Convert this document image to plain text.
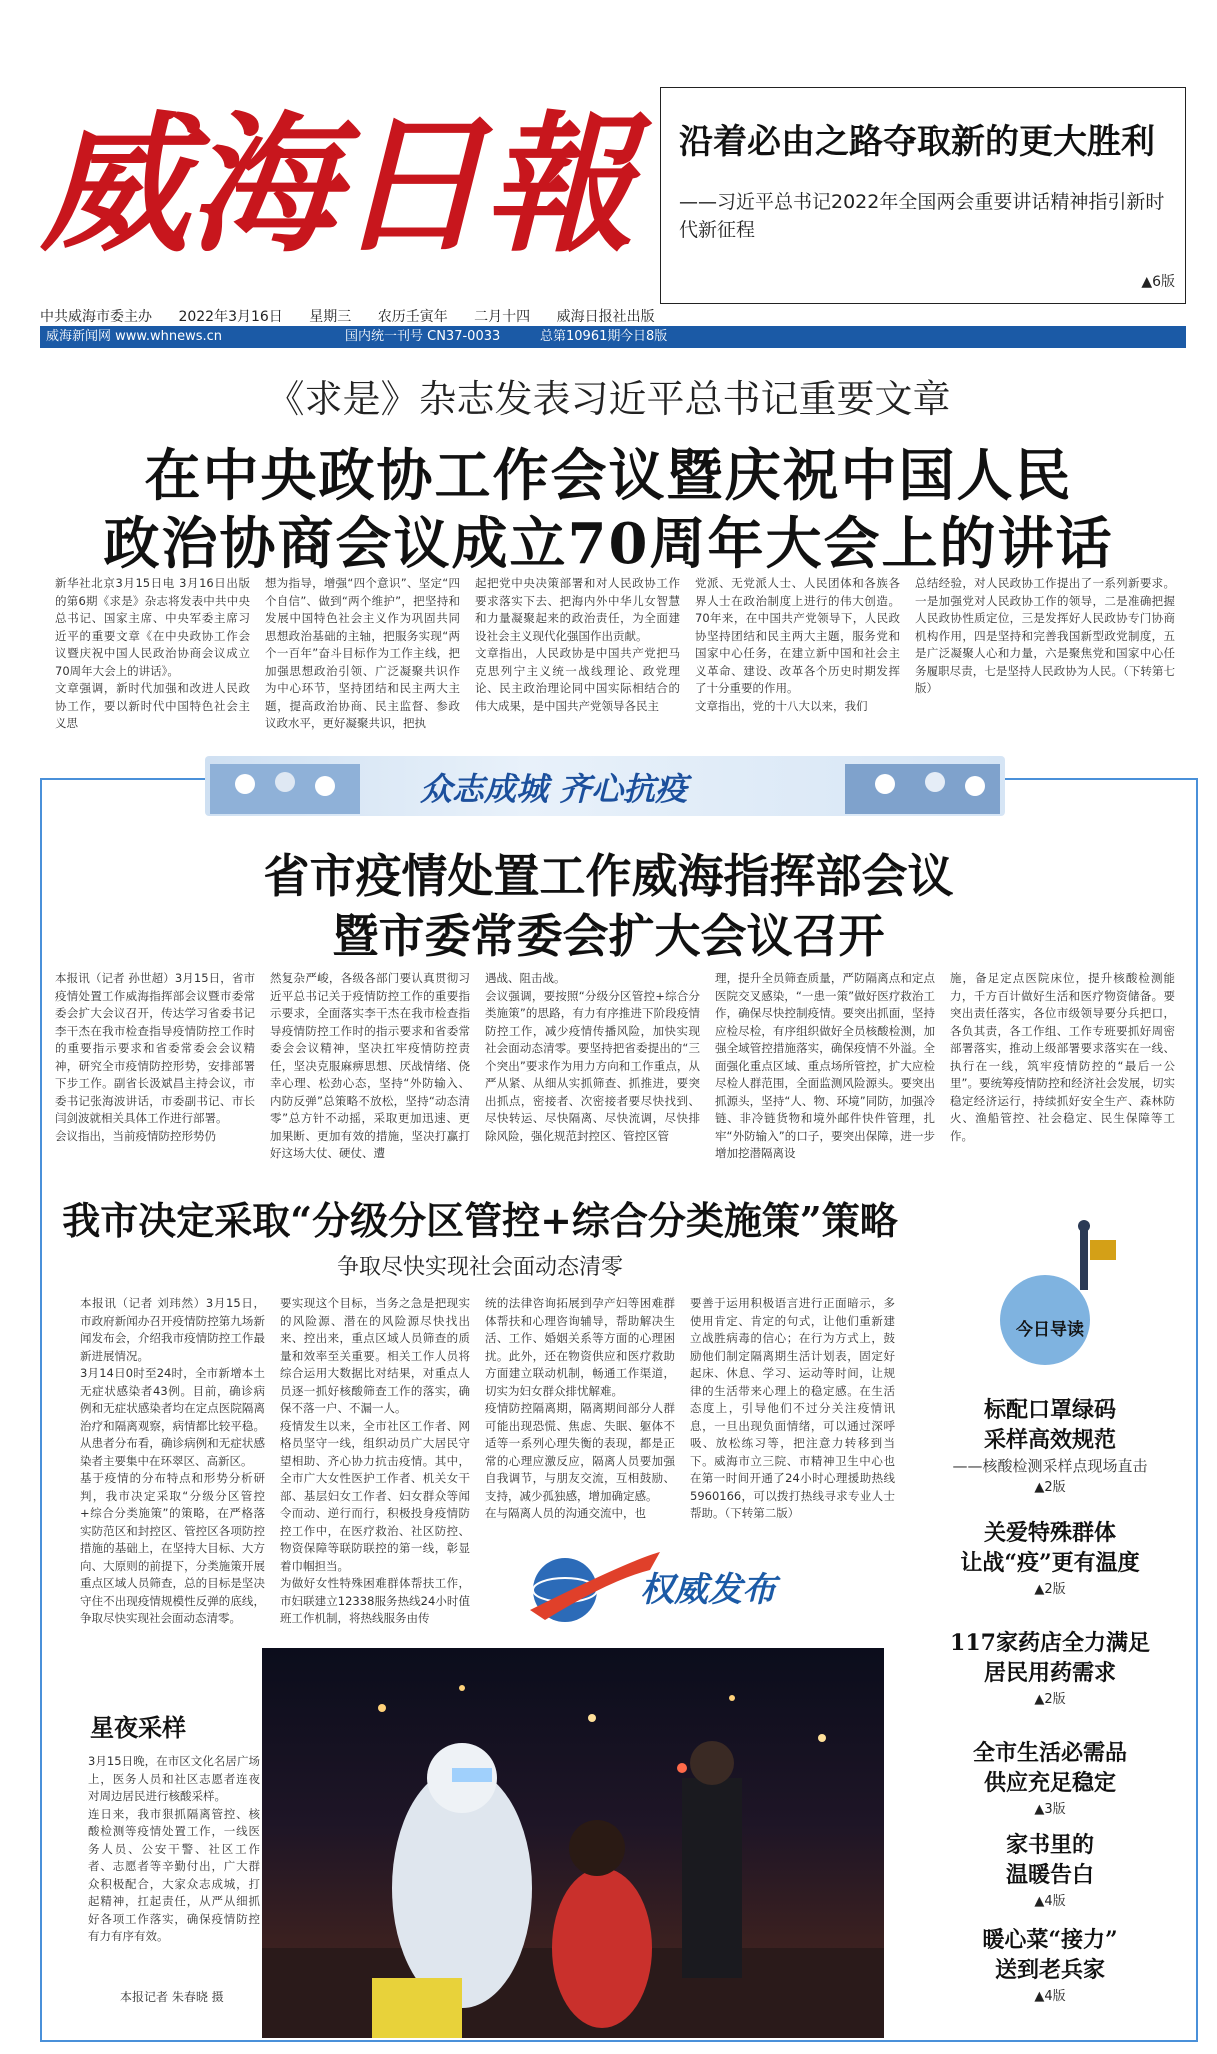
威 海 日 報 沿着必由之路夺取新的更大胜利

——习近平总书记2022年全国两会重要讲话精神指引新时代新征程

▲6版
中共威海市委主办 2022年3月16日 星期三 农历壬寅年 二月十四 威海日报社出版
威海新闻网 www.whnews.cn	国内统一刊号 CN37-0033	总第10961期 今日8版
《求是》杂志发表习近平总书记重要文章
在中央政协工作会议暨庆祝中国人民
政治协商会议成立70周年大会上的讲话
新华社北京3月15日电 3月16日出版的第6期《求是》杂志将发表中共中央总书记、国家主席、中央军委主席习近平的重要文章《在中央政协工作会议暨庆祝中国人民政治协商会议成立70周年大会上的讲话》。
文章强调，新时代加强和改进人民政协工作，要以新时代中国特色社会主义思
想为指导，增强“四个意识”、坚定“四个自信”、做到“两个维护”，把坚持和发展中国特色社会主义作为巩固共同思想政治基础的主轴，把服务实现“两个一百年”奋斗目标作为工作主线，把加强思想政治引领、广泛凝聚共识作为中心环节，坚持团结和民主两大主题，提高政治协商、民主监督、参政议政水平，更好凝聚共识，把执
起把党中央决策部署和对人民政协工作要求落实下去、把海内外中华儿女智慧和力量凝聚起来的政治责任，为全面建设社会主义现代化强国作出贡献。
文章指出，人民政协是中国共产党把马克思列宁主义统一战线理论、政党理论、民主政治理论同中国实际相结合的伟大成果，是中国共产党领导各民主
党派、无党派人士、人民团体和各族各界人士在政治制度上进行的伟大创造。70年来，在中国共产党领导下，人民政协坚持团结和民主两大主题，服务党和国家中心任务，在建立新中国和社会主义革命、建设、改革各个历史时期发挥了十分重要的作用。
文章指出，党的十八大以来，我们
总结经验，对人民政协工作提出了一系列新要求。一是加强党对人民政协工作的领导，二是准确把握人民政协性质定位，三是发挥好人民政协专门协商机构作用，四是坚持和完善我国新型政党制度，五是广泛凝聚人心和力量，六是聚焦党和国家中心任务履职尽责，七是坚持人民政协为人民。（下转第七版）
众志成城 齐心抗疫
省市疫情处置工作威海指挥部会议
暨市委常委会扩大会议召开
本报讯（记者 孙世超）3月15日，省市疫情处置工作威海指挥部会议暨市委常委会扩大会议召开，传达学习省委书记李干杰在我市检查指导疫情防控工作时的重要指示要求和省委常委会会议精神，研究全市疫情防控形势，安排部署下步工作。副省长汲斌昌主持会议，市委书记张海波讲话，市委副书记、市长闫剑波就相关具体工作进行部署。
会议指出，当前疫情防控形势仍
然复杂严峻，各级各部门要认真贯彻习近平总书记关于疫情防控工作的重要指示要求，全面落实李干杰在我市检查指导疫情防控工作时的指示要求和省委常委会会议精神，坚决扛牢疫情防控责任，坚决克服麻痹思想、厌战情绪、侥幸心理、松劲心态，坚持“外防输入、内防反弹”总策略不放松，坚持“动态清零”总方针不动摇，采取更加迅速、更加果断、更加有效的措施，坚决打赢打好这场大仗、硬仗、遭
遇战、阻击战。
会议强调，要按照“分级分区管控+综合分类施策”的思路，有力有序推进下阶段疫情防控工作，减少疫情传播风险，加快实现社会面动态清零。要坚持把省委提出的“三个突出”要求作为用力方向和工作重点，从严从紧、从细从实抓筛查、抓推进，要突出抓点，密接者、次密接者要尽快找到、尽快转运、尽快隔离、尽快流调，尽快排除风险，强化规范封控区、管控区管
理，提升全员筛查质量，严防隔离点和定点医院交叉感染，“一患一策”做好医疗救治工作，确保尽快控制疫情。要突出抓面，坚持应检尽检，有序组织做好全员核酸检测，加强全域管控措施落实，确保疫情不外溢。全面强化重点区域、重点场所管控，扩大应检尽检人群范围，全面监测风险源头。要突出抓源头，坚持“人、物、环境”同防，加强冷链、非冷链货物和境外邮件快件管理，扎牢“外防输入”的口子，要突出保障，进一步增加挖潜隔离设
施，备足定点医院床位，提升核酸检测能力，千方百计做好生活和医疗物资储备。要突出责任落实，各位市级领导要分兵把口，各负其责，各工作组、工作专班要抓好周密部署落实，推动上级部署要求落实在一线、执行在一线，筑牢疫情防控的“最后一公里”。要统筹疫情防控和经济社会发展，切实稳定经济运行，持续抓好安全生产、森林防火、渔船管控、社会稳定、民生保障等工作。
我市决定采取“分级分区管控+综合分类施策”策略
争取尽快实现社会面动态清零
本报讯（记者 刘玮然）3月15日，市政府新闻办召开疫情防控第九场新闻发布会，介绍我市疫情防控工作最新进展情况。
3月14日0时至24时，全市新增本土无症状感染者43例。目前，确诊病例和无症状感染者均在定点医院隔离治疗和隔离观察，病情都比较平稳。从患者分布看，确诊病例和无症状感染者主要集中在环翠区、高新区。
基于疫情的分布特点和形势分析研判，我市决定采取“分级分区管控+综合分类施策”的策略，在严格落实防范区和封控区、管控区各项防控措施的基础上，在坚持大目标、大方向、大原则的前提下，分类施策开展重点区域人员筛查，总的目标是坚决守住不出现疫情规模性反弹的底线，争取尽快实现社会面动态清零。
要实现这个目标，当务之急是把现实的风险源、潜在的风险源尽快找出来、控出来，重点区域人员筛查的质量和效率至关重要。相关工作人员将综合运用大数据比对结果，对重点人员逐一抓好核酸筛查工作的落实，确保不落一户、不漏一人。
疫情发生以来，全市社区工作者、网格员坚守一线，组织动员广大居民守望相助、齐心协力抗击疫情。其中，全市广大女性医护工作者、机关女干部、基层妇女工作者、妇女群众等闻令而动、逆行而行，积极投身疫情防控工作中，在医疗救治、社区防控、物资保障等联防联控的第一线，彰显着巾帼担当。
为做好女性特殊困难群体帮扶工作，市妇联建立12338服务热线24小时值班工作机制，将热线服务由传
统的法律咨询拓展到孕产妇等困难群体帮扶和心理咨询辅导，帮助解决生活、工作、婚姻关系等方面的心理困扰。此外，还在物资供应和医疗救助方面建立联动机制，畅通工作渠道，切实为妇女群众排忧解难。
疫情防控隔离期，隔离期间部分人群可能出现恐慌、焦虑、失眠、躯体不适等一系列心理失衡的表现，都是正常的心理应激反应，隔离人员要加强自我调节，与朋友交流，互相鼓励、支持，减少孤独感，增加确定感。
在与隔离人员的沟通交流中，也
要善于运用积极语言进行正面暗示，多使用肯定、肯定的句式，让他们重新建立战胜病毒的信心；在行为方式上，鼓励他们制定隔离期生活计划表，固定好起床、休息、学习、运动等时间，让规律的生活带来心理上的稳定感。在生活态度上，引导他们不过分关注疫情讯息，一旦出现负面情绪，可以通过深呼吸、放松练习等，把注意力转移到当下。威海市立三院、市精神卫生中心也在第一时间开通了24小时心理援助热线5960166，可以拨打热线寻求专业人士帮助。（下转第二版）
权威发布
今日导读
标配口罩绿码
采样高效规范
——核酸检测采样点现场直击
▲2版
关爱特殊群体
让战“疫”更有温度
▲2版
117家药店全力满足
居民用药需求
▲2版
全市生活必需品
供应充足稳定
▲3版
家书里的
温暖告白
▲4版
暖心菜“接力”
送到老兵家
▲4版
星夜采样
3月15日晚，在市区文化名居广场上，医务人员和社区志愿者连夜对周边居民进行核酸采样。
连日来，我市狠抓隔离管控、核酸检测等疫情处置工作，一线医务人员、公安干警、社区工作者、志愿者等辛勤付出，广大群众积极配合，大家众志成城，打起精神，扛起责任，从严从细抓好各项工作落实，确保疫情防控有力有序有效。
本报记者 朱春晓 摄
